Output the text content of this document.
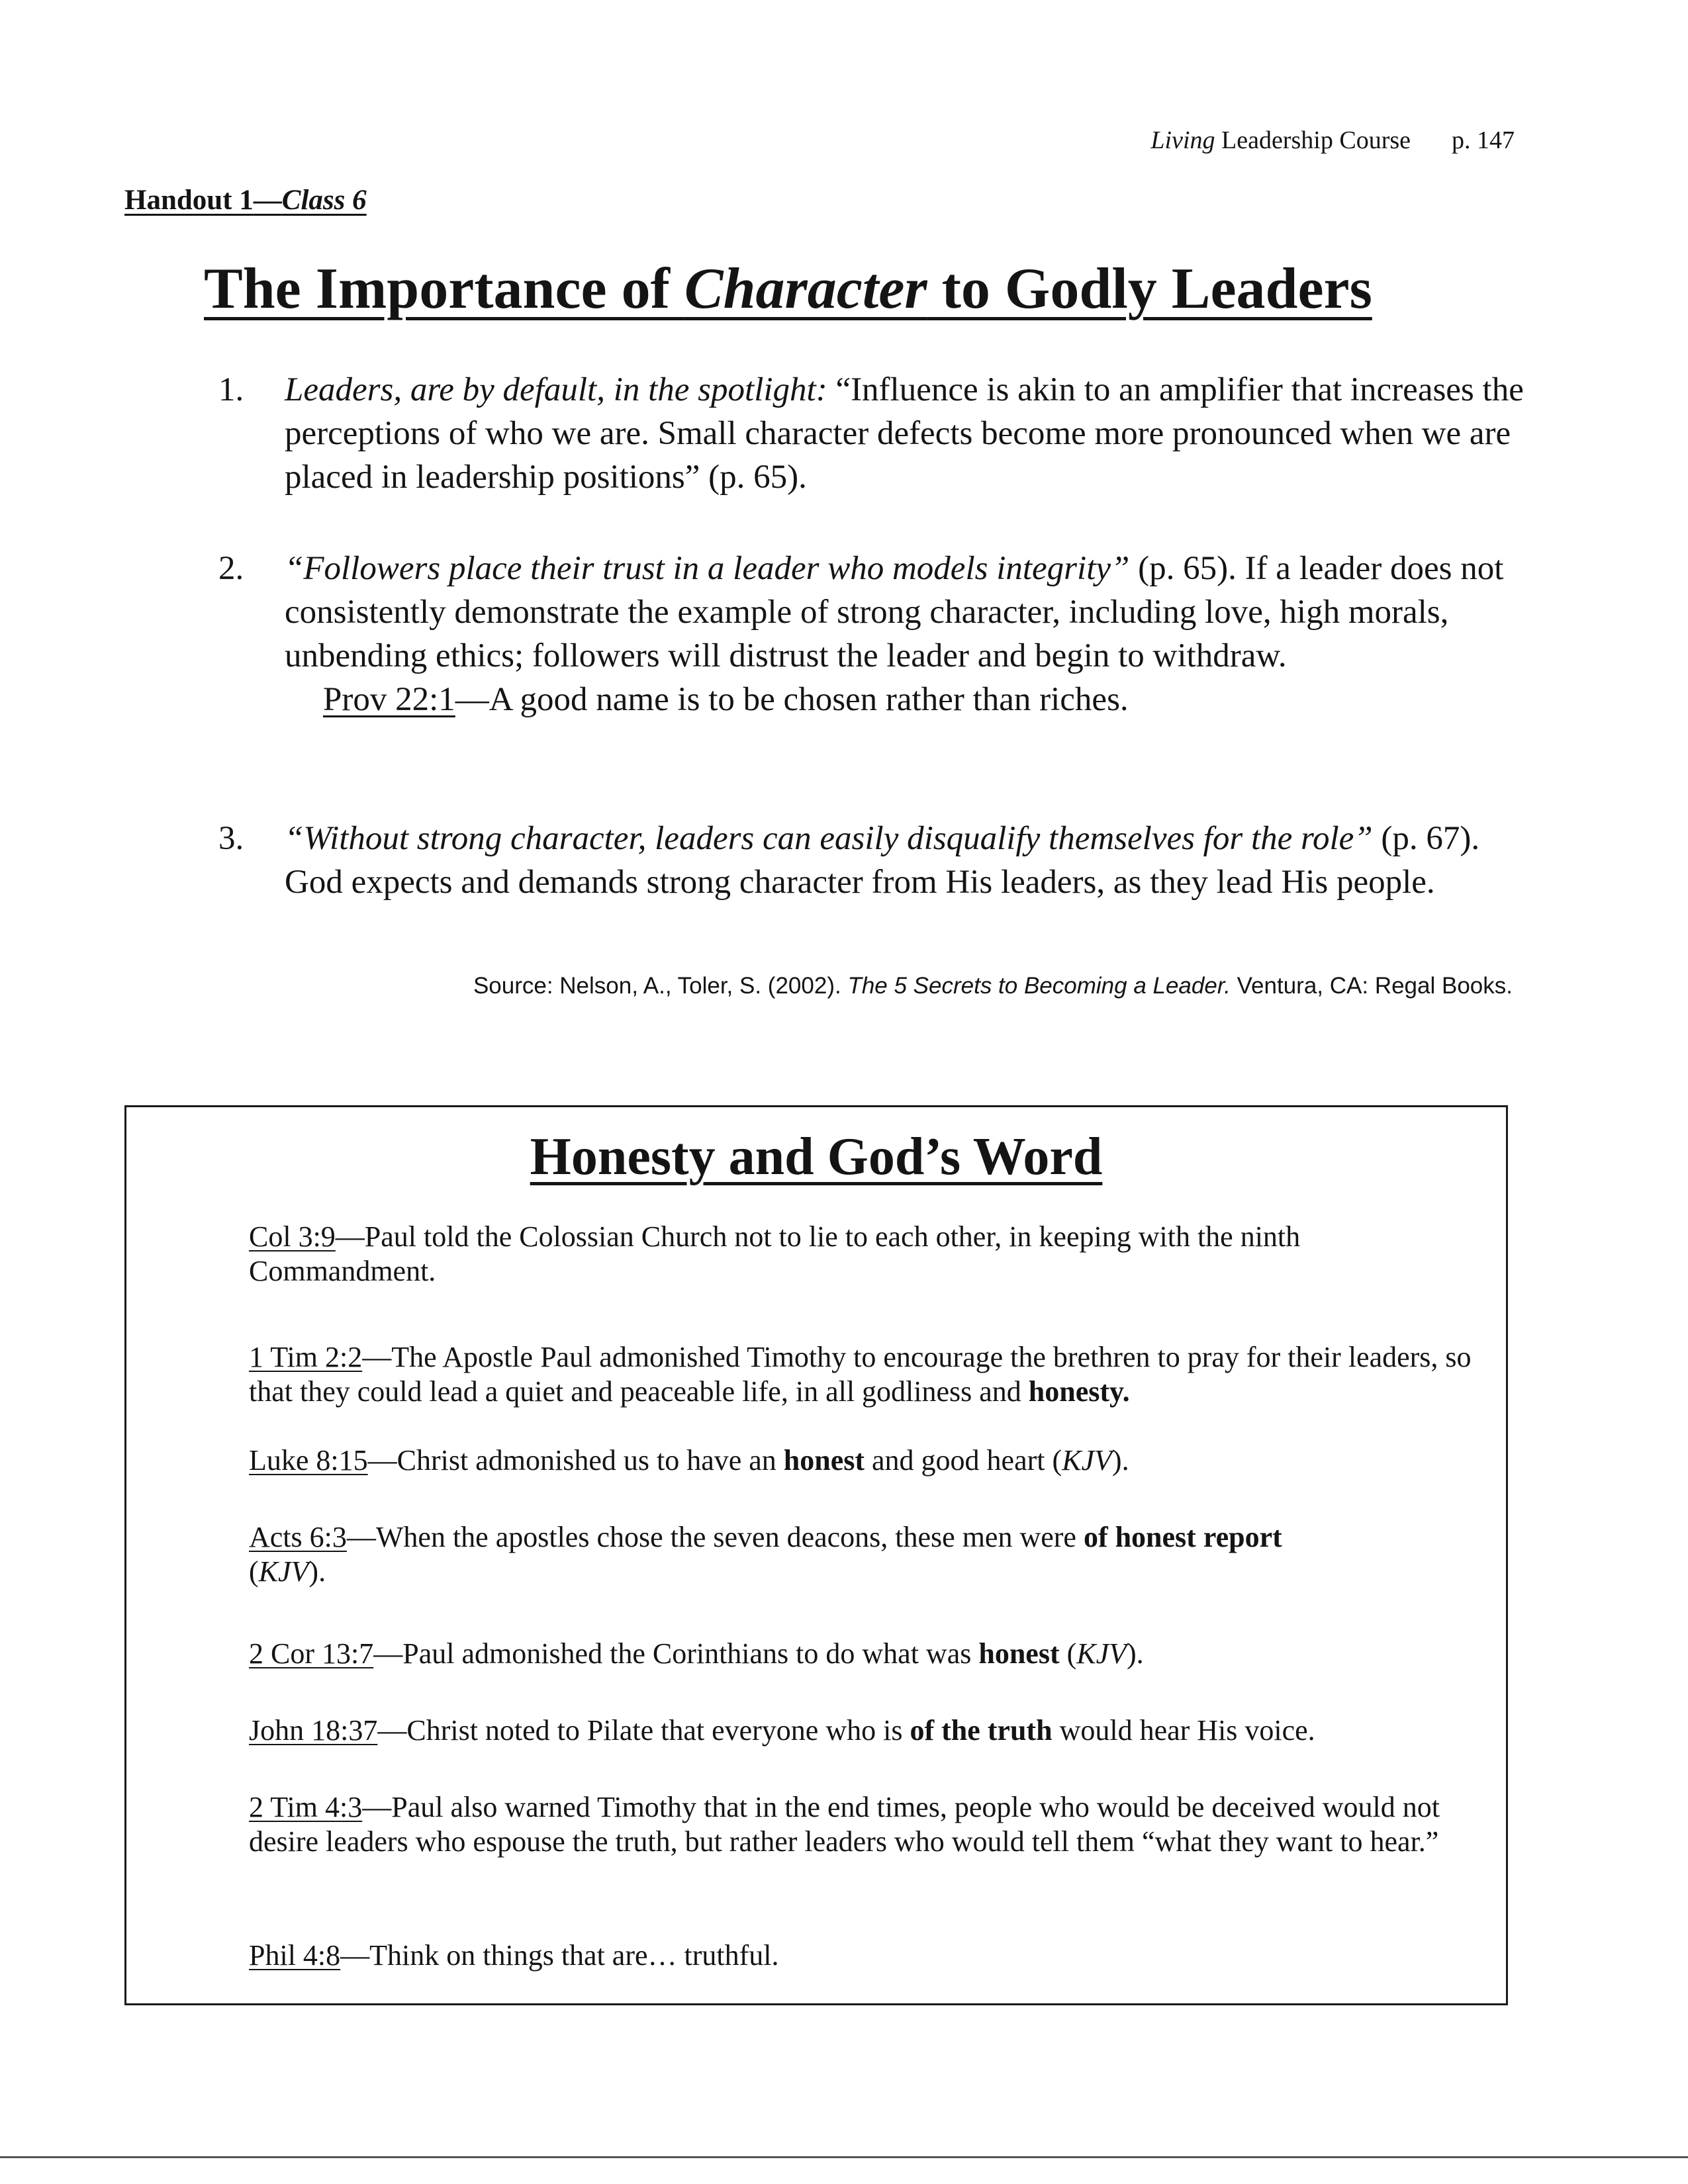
Living Leadership Course p. 147
Handout 1—Class 6
The Importance of Character to Godly Leaders
1. Leaders, are by default, in the spotlight: “Influence is akin to an amplifier that increases the perceptions of who we are. Small character defects become more pronounced when we are placed in leadership positions” (p. 65).
2. “Followers place their trust in a leader who models integrity” (p. 65). If a leader does not consistently demonstrate the example of strong character, including love, high morals, unbending ethics; followers will distrust the leader and begin to withdraw.
Prov 22:1—A good name is to be chosen rather than riches.
3. “Without strong character, leaders can easily disqualify themselves for the role” (p. 67). God expects and demands strong character from His leaders, as they lead His people.
Source: Nelson, A., Toler, S. (2002). The 5 Secrets to Becoming a Leader. Ventura, CA: Regal Books.
Honesty and God’s Word
Col 3:9—Paul told the Colossian Church not to lie to each other, in keeping with the ninth Commandment.
1 Tim 2:2—The Apostle Paul admonished Timothy to encourage the brethren to pray for their leaders, so that they could lead a quiet and peaceable life, in all godliness and honesty.
Luke 8:15—Christ admonished us to have an honest and good heart (KJV).
Acts 6:3—When the apostles chose the seven deacons, these men were of honest report
(KJV).
2 Cor 13:7—Paul admonished the Corinthians to do what was honest (KJV).
John 18:37—Christ noted to Pilate that everyone who is of the truth would hear His voice.
2 Tim 4:3—Paul also warned Timothy that in the end times, people who would be deceived would not desire leaders who espouse the truth, but rather leaders who would tell them “what they want to hear.”
Phil 4:8—Think on things that are… truthful.
